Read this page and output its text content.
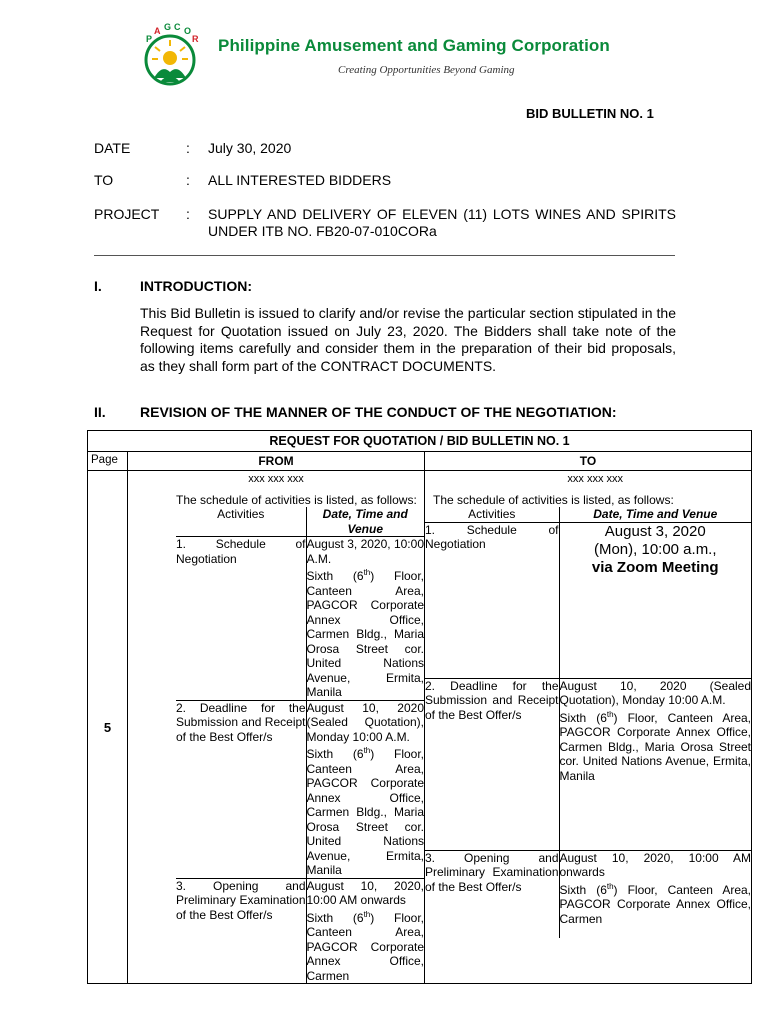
P
A G C O
R Philippine Amusement and Gaming Corporation
Creating Opportunities Beyond Gaming
BID BULLETIN NO. 1
DATE	: July 30, 2020
TO	: ALL INTERESTED BIDDERS
PROJECT : SUPPLY AND DELIVERY OF ELEVEN (11) LOTS WINES AND SPIRITS UNDER ITB NO. FB20-07-010CORa
I.	INTRODUCTION:
This Bid Bulletin is issued to clarify and/or revise the particular section stipulated in the Request for Quotation issued on July 23, 2020. The Bidders shall take note of the following items carefully and consider them in the preparation of their bid proposals, as they shall form part of the CONTRACT DOCUMENTS.
II. REVISION OF THE MANNER OF THE CONDUCT OF THE NEGOTIATION:
REQUEST FOR QUOTATION / BID BULLETIN NO. 1
Page	FROM	TO
5	
xxx xxx xxx
The schedule of activities is listed, as follows:
Activities	Date, Time and Venue
1. Schedule of Negotiation	
August 3, 2020, 10:00 A.M.
Sixth (6th) Floor, Canteen Area, PAGCOR Corporate Annex Office, Carmen Bldg., Maria Orosa Street cor. United Nations Avenue, Ermita, Manila

2. Deadline for the Submission and Receipt of the Best Offer/s	
August 10, 2020 (Sealed Quotation), Monday 10:00 A.M.
Sixth (6th) Floor, Canteen Area, PAGCOR Corporate Annex Office, Carmen Bldg., Maria Orosa Street cor. United Nations Avenue, Ermita, Manila

3. Opening and Preliminary Examination of the Best Offer/s	
August 10, 2020, 10:00 AM onwards
Sixth (6th) Floor, Canteen Area, PAGCOR Corporate Annex Office, Carmen

xxx xxx xxx
The schedule of activities is listed, as follows:
Activities	Date, Time and Venue
1. Schedule of Negotiation	
August 3, 2020
(Mon), 10:00 a.m.,
via Zoom Meeting

2. Deadline for the Submission and Receipt of the Best Offer/s	
August 10, 2020 (Sealed Quotation), Monday 10:00 A.M.
Sixth (6th) Floor, Canteen Area, PAGCOR Corporate Annex Office, Carmen Bldg., Maria Orosa Street cor. United Nations Avenue, Ermita, Manila

3. Opening and Preliminary Examination of the Best Offer/s	
August 10, 2020, 10:00 AM onwards
Sixth (6th) Floor, Canteen Area, PAGCOR Corporate Annex Office, Carmen
